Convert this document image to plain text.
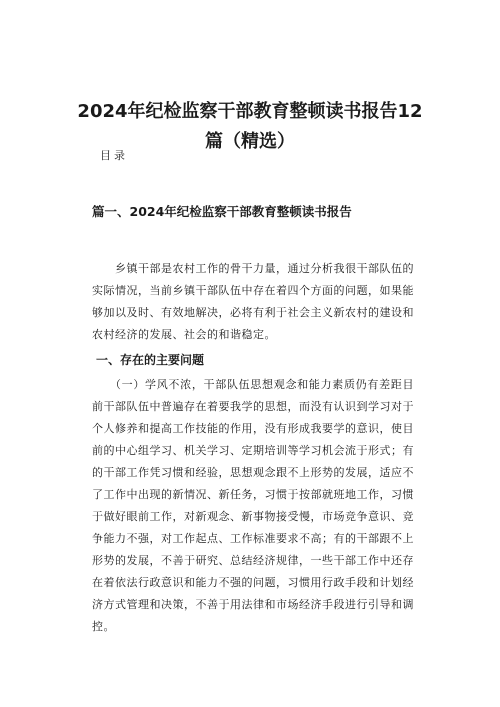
2024年纪检监察干部教育整顿读书报告12
篇（精选）

目录

篇一、2024年纪检监察干部教育整顿读书报告

　　乡镇干部是农村工作的骨干力量，通过分析我很干部队伍的实际情况，当前乡镇干部队伍中存在着四个方面的问题，如果能够加以及时、有效地解决，必将有利于社会主义新农村的建设和农村经济的发展、社会的和谐稳定。

一、存在的主要问题

　　（一）学风不浓，干部队伍思想观念和能力素质仍有差距目前干部队伍中普遍存在着要我学的思想，而没有认识到学习对于个人修养和提高工作技能的作用，没有形成我要学的意识，使目前的中心组学习、机关学习、定期培训等学习机会流于形式；有的干部工作凭习惯和经验，思想观念跟不上形势的发展，适应不了工作中出现的新情况、新任务，习惯于按部就班地工作，习惯于做好眼前工作，对新观念、新事物接受慢，市场竞争意识、竞争能力不强，对工作起点、工作标准要求不高；有的干部跟不上形势的发展，不善于研究、总结经济规律，一些干部工作中还存在着依法行政意识和能力不强的问题，习惯用行政手段和计划经济方式管理和决策，不善于用法律和市场经济手段进行引导和调控。
